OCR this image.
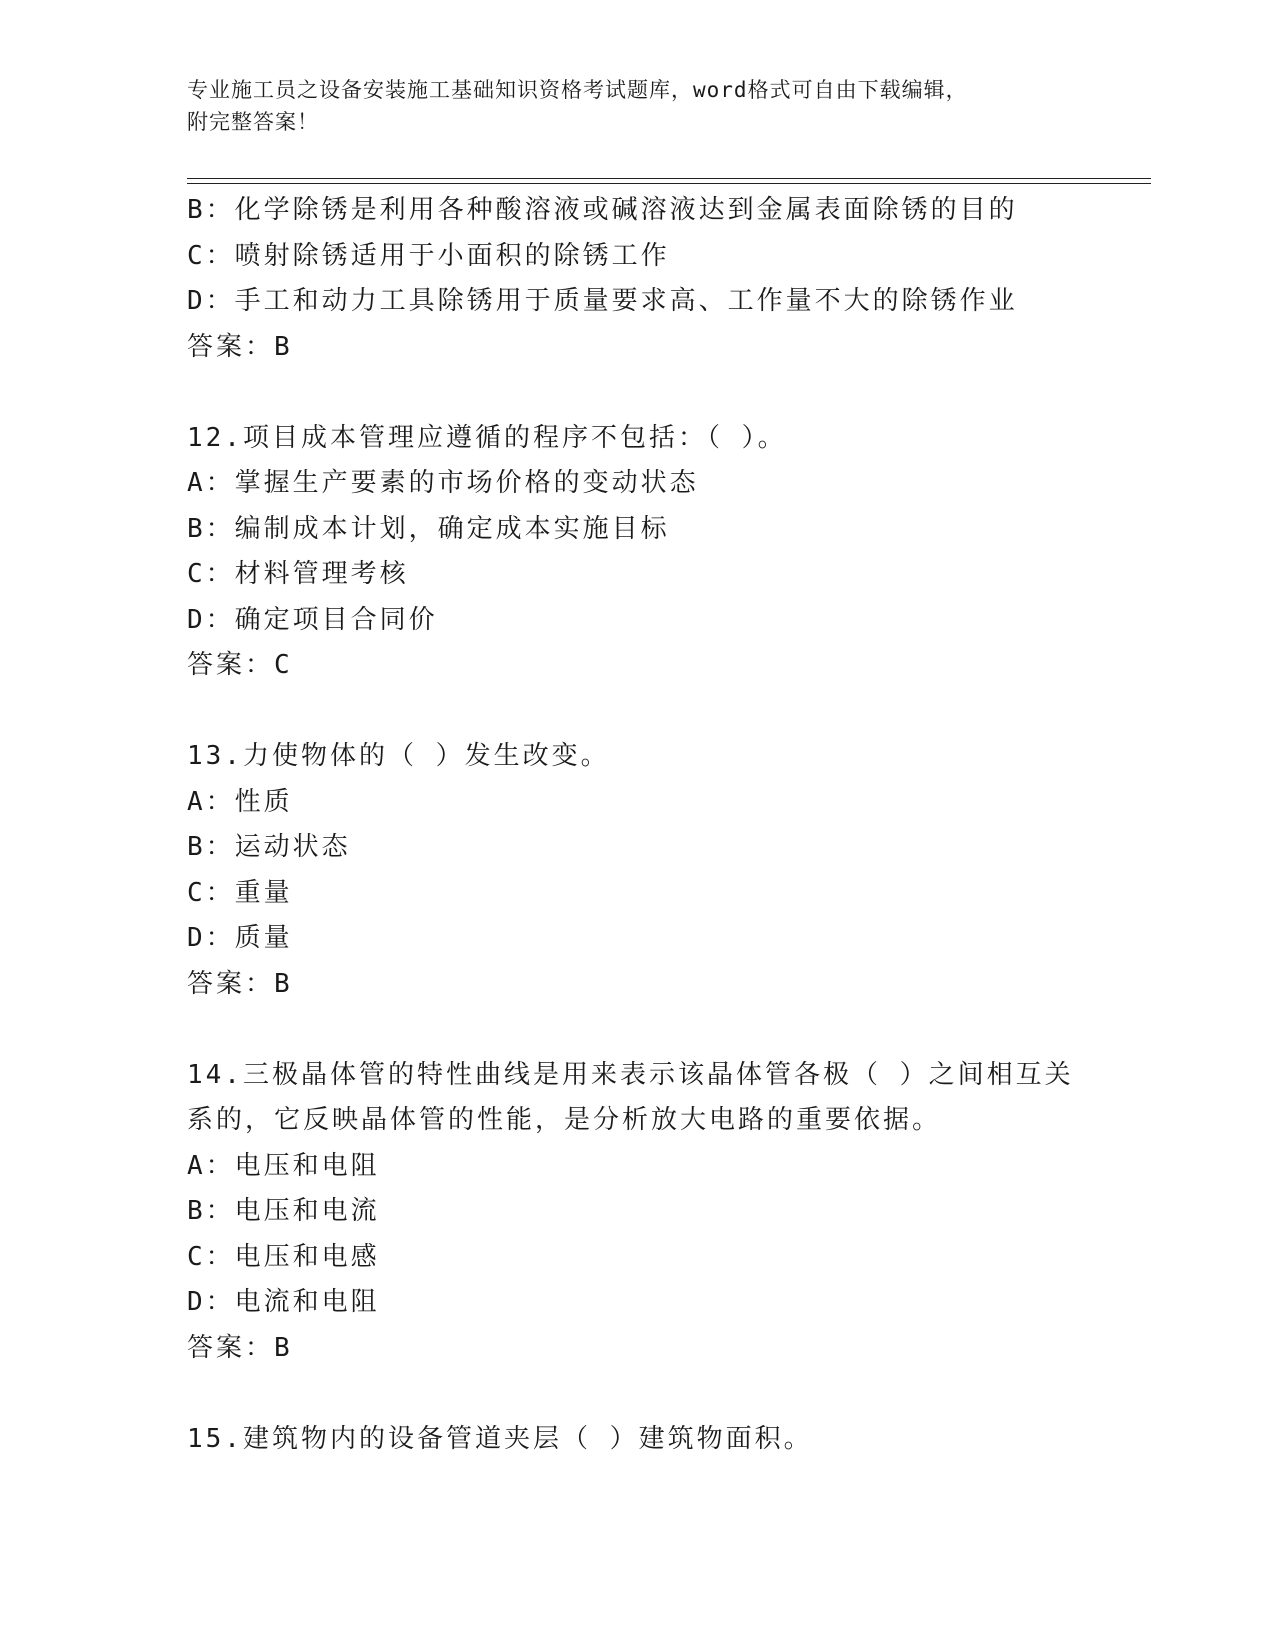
专业施工员之设备安装施工基础知识资格考试题库，word格式可自由下载编辑，
附完整答案！
B：化学除锈是利用各种酸溶液或碱溶液达到金属表面除锈的目的
C：喷射除锈适用于小面积的除锈工作
D：手工和动力工具除锈用于质量要求高、工作量不大的除锈作业
答案：B
12.项目成本管理应遵循的程序不包括：（ ）。
A：掌握生产要素的市场价格的变动状态
B：编制成本计划，确定成本实施目标
C：材料管理考核
D：确定项目合同价
答案：C
13.力使物体的（ ）发生改变。
A：性质
B：运动状态
C：重量
D：质量
答案：B
14.三极晶体管的特性曲线是用来表示该晶体管各极（ ）之间相互关
系的，它反映晶体管的性能，是分析放大电路的重要依据。
A：电压和电阻
B：电压和电流
C：电压和电感
D：电流和电阻
答案：B
15.建筑物内的设备管道夹层（ ）建筑物面积。
